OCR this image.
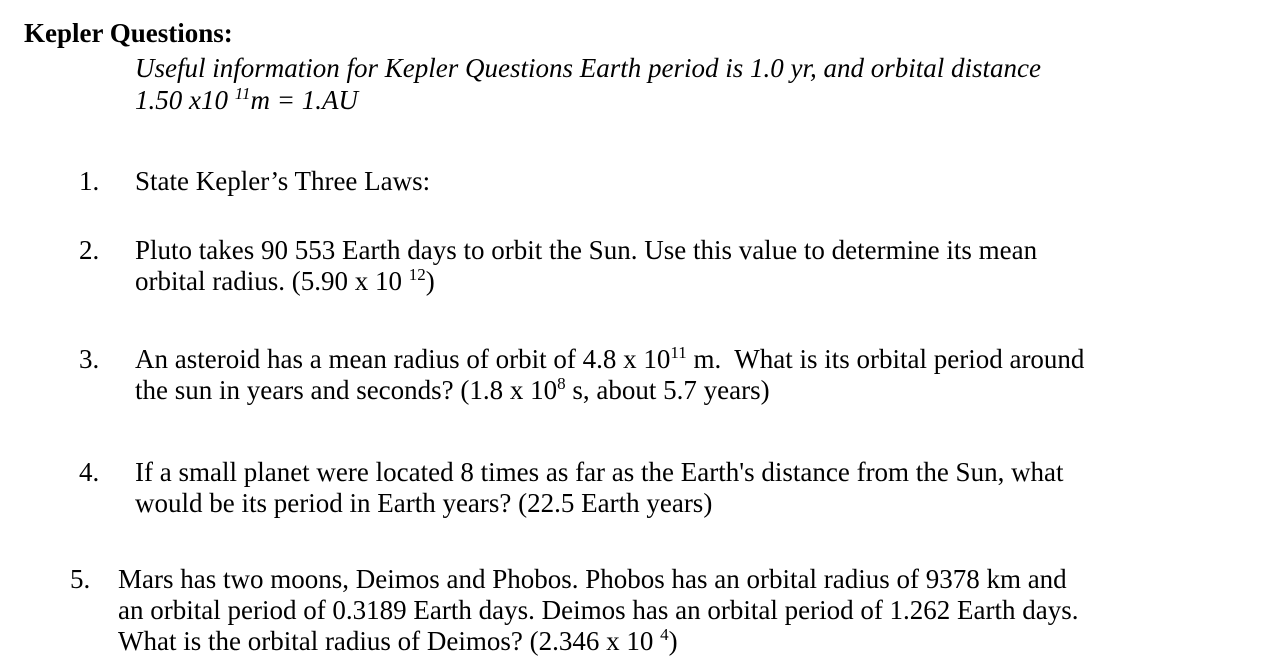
Kepler Questions:
Useful information for Kepler Questions Earth period is 1.0 yr, and orbital distance
1.50 x10 $^{11}$m = 1.AU
1. State Kepler’s Three Laws:
2. Pluto takes 90 553 Earth days to orbit the Sun. Use this value to determine its mean
orbital radius. (5.90 x 10 $^{12}$)
3. An asteroid has a mean radius of orbit of 4.8 x $10^{11}$ m.  What is its orbital period around
the sun in years and seconds? (1.8 x $10^8$ s, about 5.7 years)
4. If a small planet were located 8 times as far as the Earth's distance from the Sun, what
would be its period in Earth years? (22.5 Earth years)
5. Mars has two moons, Deimos and Phobos. Phobos has an orbital radius of 9378 km and
an orbital period of 0.3189 Earth days. Deimos has an orbital period of 1.262 Earth days.
What is the orbital radius of Deimos? (2.346 x 10 $^4$)
